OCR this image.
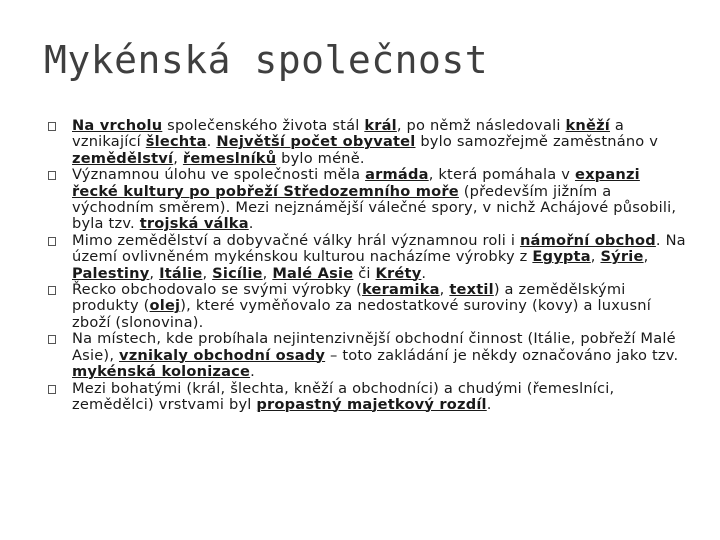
Mykénská společnost
Na vrcholu společenského života stál král, po němž následovali kněží a vznikající šlechta. Největší počet obyvatel bylo samozřejmě zaměstnáno v zemědělství, řemeslníků bylo méně.
Významnou úlohu ve společnosti měla armáda, která pomáhala v expanzi řecké kultury po pobřeží Středozemního moře (především jižním a východním směrem). Mezi nejznámější válečné spory, v nichž Achájové působili, byla tzv. trojská válka.
Mimo zemědělství a dobyvačné války hrál významnou roli i námořní obchod. Na území ovlivněném mykénskou kulturou nacházíme výrobky z Egypta, Sýrie, Palestiny, Itálie, Sicílie, Malé Asie či Kréty.
Řecko obchodovalo se svými výrobky (keramika, textil) a zemědělskými produkty (olej), které vyměňovalo za nedostatkové suroviny (kovy) a luxusní zboží (slonovina).
Na místech, kde probíhala nejintenzivnější obchodní činnost (Itálie, pobřeží Malé Asie), vznikaly obchodní osady – toto zakládání je někdy označováno jako tzv. mykénská kolonizace.
Mezi bohatými (král, šlechta, kněží a obchodníci) a chudými (řemeslníci, zemědělci) vrstvami byl propastný majetkový rozdíl.
